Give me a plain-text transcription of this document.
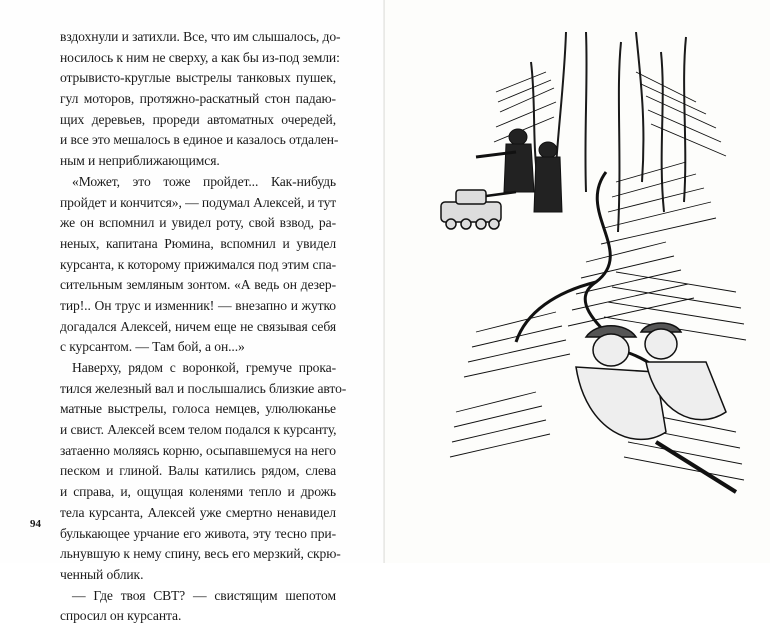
вздохнули и затихли. Все, что им слышалось, до-
носилось к ним не сверху, а как бы из-под земли:
отрывисто-круглые выстрелы танковых пушек,
гул моторов, протяжно-раскатный стон падаю-
щих деревьев, прореди автоматных очередей,
и все это мешалось в единое и казалось отдален-
ным и неприближающимся.
«Может, это тоже пройдет... Как-нибудь
пройдет и кончится», — подумал Алексей, и тут
же он вспомнил и увидел роту, свой взвод, ра-
неных, капитана Рюмина, вспомнил и увидел
курсанта, к которому прижимался под этим спа-
сительным земляным зонтом. «А ведь он дезер-
тир!.. Он трус и изменник! — внезапно и жутко
догадался Алексей, ничем еще не связывая себя
с курсантом. — Там бой, а он...»
Наверху, рядом с воронкой, гремуче прока-
тился железный вал и послышались близкие авто-
матные выстрелы, голоса немцев, улюлюканье
и свист. Алексей всем телом подался к курсанту,
затаенно моляясь корню, осыпавшемуся на него
песком и глиной. Валы катились рядом, слева
и справа, и, ощущая коленями тепло и дрожь
тела курсанта, Алексей уже смертно ненавидел
булькающее урчание его живота, эту тесно при-
льнувшую к нему спину, весь его мерзкий, скрю-
ченный облик.
— Где твоя СВТ? — свистящим шепотом
спросил он курсанта.
94
